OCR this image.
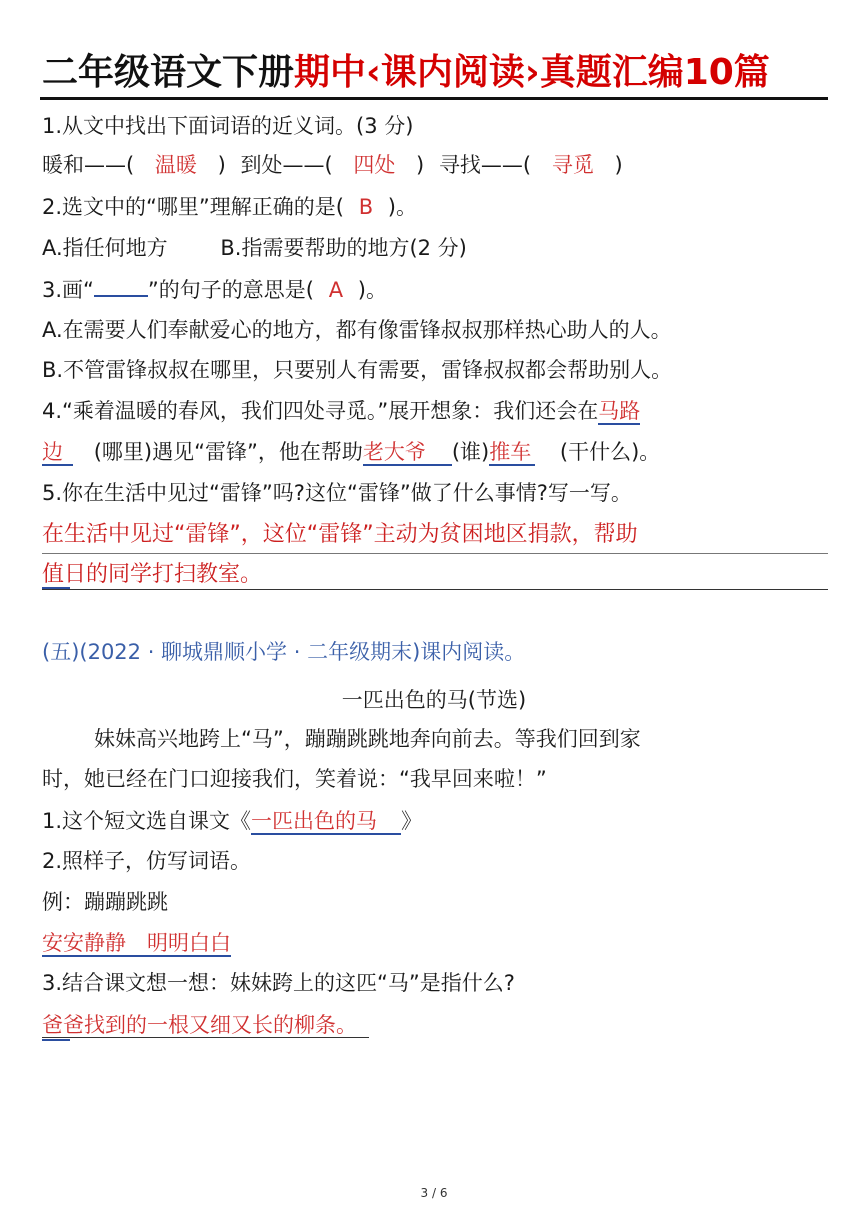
二年级语文下册期中‹课内阅读›真题汇编10篇
1.从文中找出下面词语的近义词。(3 分)
暖和——( 温暖 ) 到处——( 四处 ) 寻找——( 寻觅 )
2.选文中的“哪里”理解正确的是( B )。
A.指任何地方	B.指需要帮助的地方(2 分)
3.画“	”的句子的意思是( A )。
A.在需要人们奉献爱心的地方，都有像雷锋叔叔那样热心助人的人。
B.不管雷锋叔叔在哪里，只要别人有需要，雷锋叔叔都会帮助别人。
4.“乘着温暖的春风，我们四处寻觅。”展开想象：我们还会在马路
边 (哪里)遇见“雷锋”，他在帮助老大爷 (谁)推车 (干什么)。
5.你在生活中见过“雷锋”吗?这位“雷锋”做了什么事情?写一写。
在生活中见过“雷锋”，这位“雷锋”主动为贫困地区捐款，帮助
值日的同学打扫教室。
(五)(2022 · 聊城鼎顺小学 · 二年级期末)课内阅读。
一匹出色的马(节选)
妹妹高兴地跨上“马”，蹦蹦跳跳地奔向前去。等我们回到家
时，她已经在门口迎接我们，笑着说：“我早回来啦！”
1.这个短文选自课文《一匹出色的马 》
2.照样子，仿写词语。
例：蹦蹦跳跳
安安静静　明明白白
3.结合课文想一想：妹妹跨上的这匹“马”是指什么?
爸爸找到的一根又细又长的柳条。
3 / 6
